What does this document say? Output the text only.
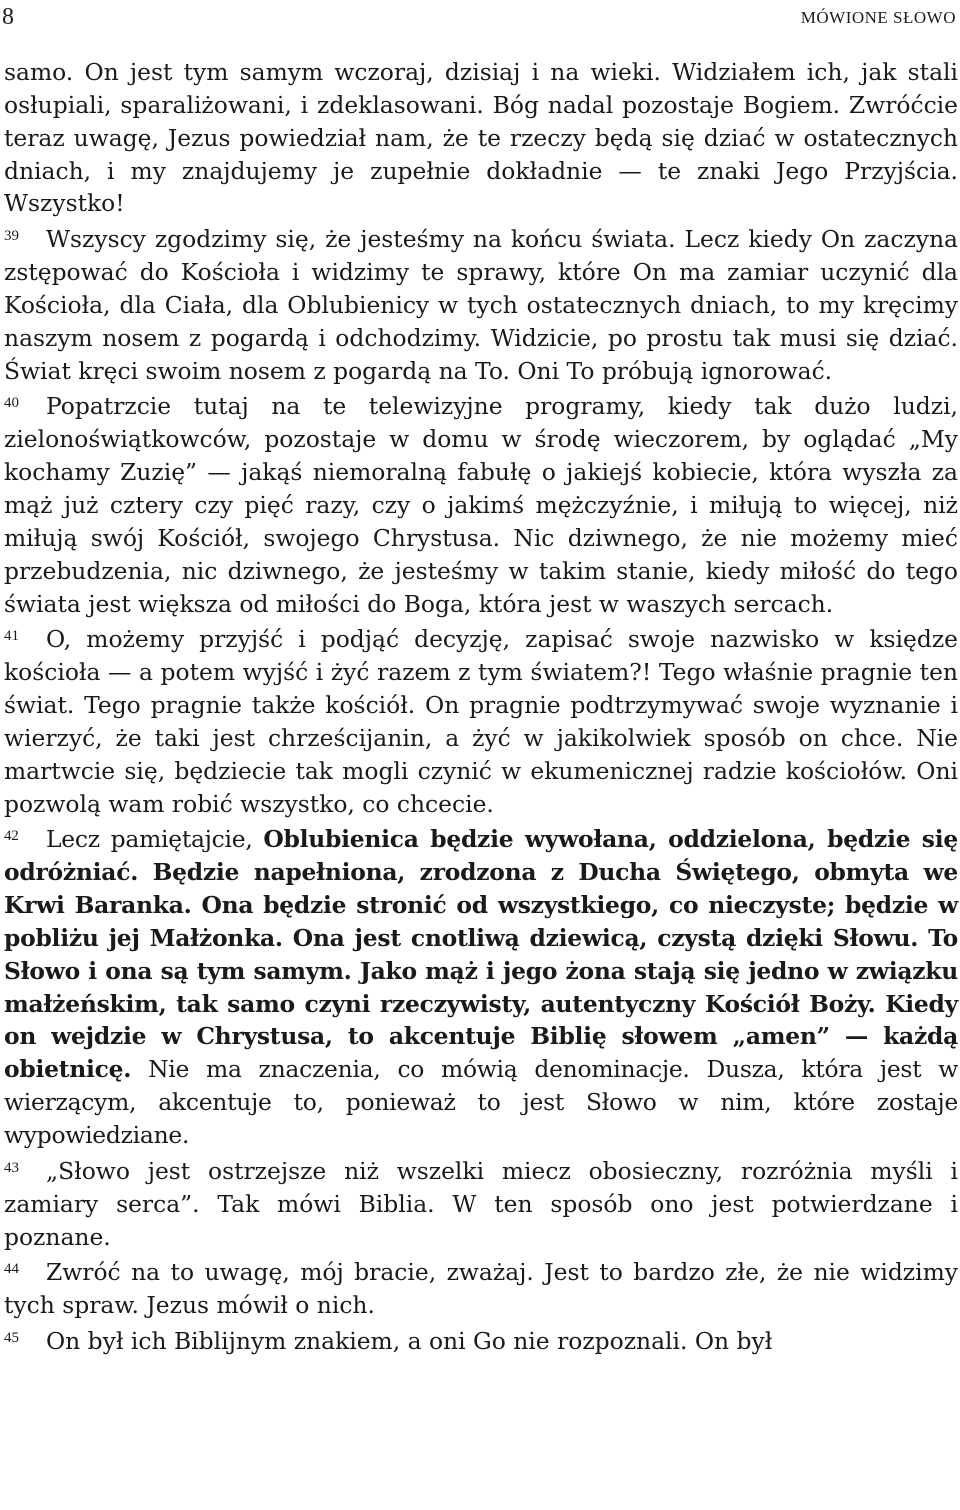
8	MÓWIONE SŁOWO

samo. On jest tym samym wczoraj, dzisiaj i na wieki. Widziałem ich, jak stali osłupiali, sparaliżowani, i zdeklasowani. Bóg nadal pozostaje Bogiem. Zwróćcie teraz uwagę, Jezus powiedział nam, że te rzeczy będą się dziać w ostatecznych dniach, i my znajdujemy je zupełnie dokładnie — te znaki Jego Przyjścia. Wszystko!

39 Wszyscy zgodzimy się, że jesteśmy na końcu świata. Lecz kiedy On zaczyna zstępować do Kościoła i widzimy te sprawy, które On ma zamiar uczynić dla Kościoła, dla Ciała, dla Oblubienicy w tych ostatecznych dniach, to my kręcimy naszym nosem z pogardą i odchodzimy. Widzicie, po prostu tak musi się dziać. Świat kręci swoim nosem z pogardą na To. Oni To próbują ignorować.

40 Popatrzcie tutaj na te telewizyjne programy, kiedy tak dużo ludzi, zielonoświątkowców, pozostaje w domu w środę wieczorem, by oglądać „My kochamy Zuzię” — jakąś niemoralną fabułę o jakiejś kobiecie, która wyszła za mąż już cztery czy pięć razy, czy o jakimś mężczyźnie, i miłują to więcej, niż miłują swój Kościół, swojego Chrystusa. Nic dziwnego, że nie możemy mieć przebudzenia, nic dziwnego, że jesteśmy w takim stanie, kiedy miłość do tego świata jest większa od miłości do Boga, która jest w waszych sercach.

41 O, możemy przyjść i podjąć decyzję, zapisać swoje nazwisko w księdze kościoła — a potem wyjść i żyć razem z tym światem?! Tego właśnie pragnie ten świat. Tego pragnie także kościół. On pragnie podtrzymywać swoje wyznanie i wierzyć, że taki jest chrześcijanin, a żyć w jakikolwiek sposób on chce. Nie martwcie się, będziecie tak mogli czynić w ekumenicznej radzie kościołów. Oni pozwolą wam robić wszystko, co chcecie.

42 Lecz pamiętajcie, Oblubienica będzie wywołana, oddzielona, będzie się odróżniać. Będzie napełniona, zrodzona z Ducha Świętego, obmyta we Krwi Baranka. Ona będzie stronić od wszystkiego, co nieczyste; będzie w pobliżu jej Małżonka. Ona jest cnotliwą dziewicą, czystą dzięki Słowu. To Słowo i ona są tym samym. Jako mąż i jego żona stają się jedno w związku małżeńskim, tak samo czyni rzeczywisty, autentyczny Kościół Boży. Kiedy on wejdzie w Chrystusa, to akcentuje Biblię słowem „amen” — każdą obietnicę. Nie ma znaczenia, co mówią denominacje. Dusza, która jest w wierzącym, akcentuje to, ponieważ to jest Słowo w nim, które zostaje wypowiedziane.

43 „Słowo jest ostrzejsze niż wszelki miecz obosieczny, rozróżnia myśli i zamiary serca”. Tak mówi Biblia. W ten sposób ono jest potwierdzane i poznane.

44 Zwróć na to uwagę, mój bracie, zważaj. Jest to bardzo złe, że nie widzimy tych spraw. Jezus mówił o nich.

45 On był ich Biblijnym znakiem, a oni Go nie rozpoznali. On był
